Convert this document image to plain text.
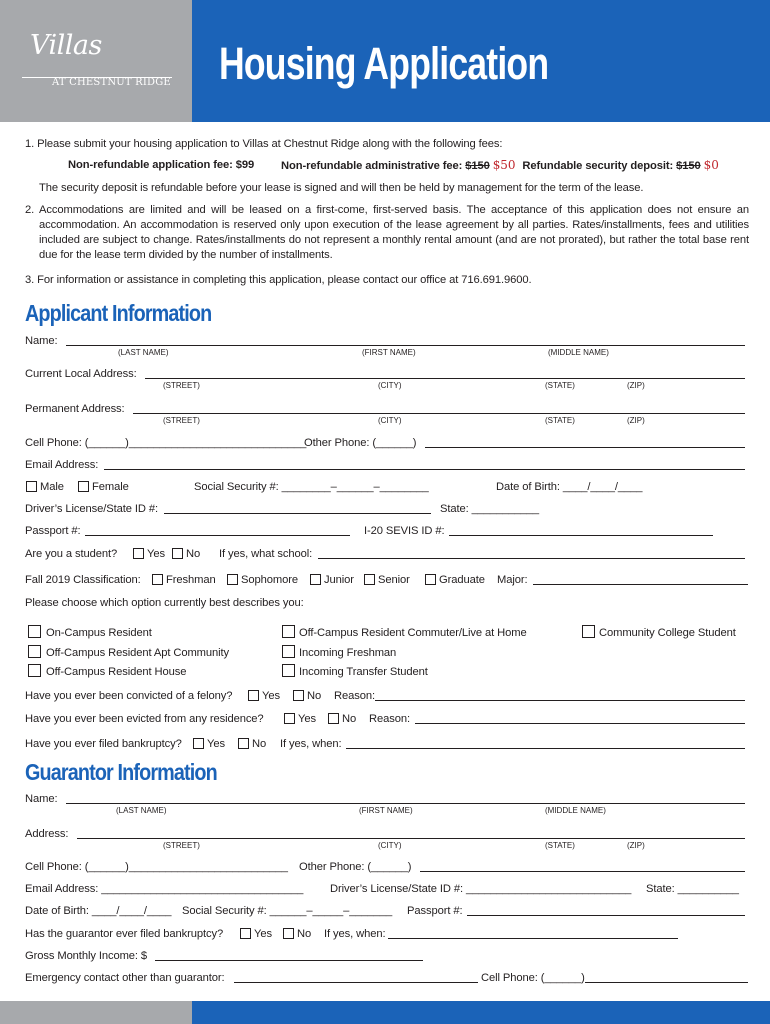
Villas
AT CHESTNUT RIDGE Housing Application
1. Please submit your housing application to Villas at Chestnut Ridge along with the following fees:
Non-refundable application fee: $99 Non-refundable administrative fee: $150 $50 Refundable security deposit: $150 $0
The security deposit is refundable before your lease is signed and will then be held by management for the term of the lease.
2. Accommodations are limited and will be leased on a first-come, first-served basis. The acceptance of this application does not ensure an accommodation. An accommodation is reserved only upon execution of the lease agreement by all parties. Rates/installments, fees and utilities included are subject to change. Rates/installments do not represent a monthly rental amount (and are not prorated), but rather the total base rent due for the lease term divided by the number of installments.
3. For information or assistance in completing this application, please contact our office at 716.691.9600.
Applicant Information
Name:
(LAST NAME)	(FIRST NAME)	(MIDDLE NAME)
Current Local Address:
(STREET)	(CITY)	(STATE)	(ZIP)
Permanent Address:
(STREET)	(CITY)	(STATE)	(ZIP)
Cell Phone: (______)_____________________________
Other Phone: (______)
Email Address:
Male	Female	Social Security #: ________–______–________	Date of Birth: ____/____/____
Driver’s License/State ID #:	State: ___________
Passport #:	I-20 SEVIS ID #:
Are you a student?	Yes No If yes, what school:
Fall 2019 Classification: Freshman Sophomore Junior Senior	Graduate Major:
Please choose which option currently best describes you:
On-Campus Resident
Off-Campus Resident Apt Community
Off-Campus Resident House
Off-Campus Resident Commuter/Live at Home
Incoming Freshman
Incoming Transfer Student
Community College Student
Have you ever been convicted of a felony?	Yes No Reason:
Have you ever been evicted from any residence?	Yes No Reason:
Have you ever filed bankruptcy? Yes No If yes, when:
Guarantor Information
Name:
(LAST NAME)	(FIRST NAME)	(MIDDLE NAME)
Address:
(STREET)	(CITY)	(STATE)	(ZIP)
Cell Phone: (______)__________________________ Other Phone: (______)
Email Address: _________________________________ Driver’s License/State ID #: ___________________________ State: __________
Date of Birth: ____/____/____ Social Security #: ______–_____–_______ Passport #:
Has the guarantor ever filed bankruptcy?	Yes No If yes, when:
Gross Monthly Income: $
Emergency contact other than guarantor:	Cell Phone: (______)
